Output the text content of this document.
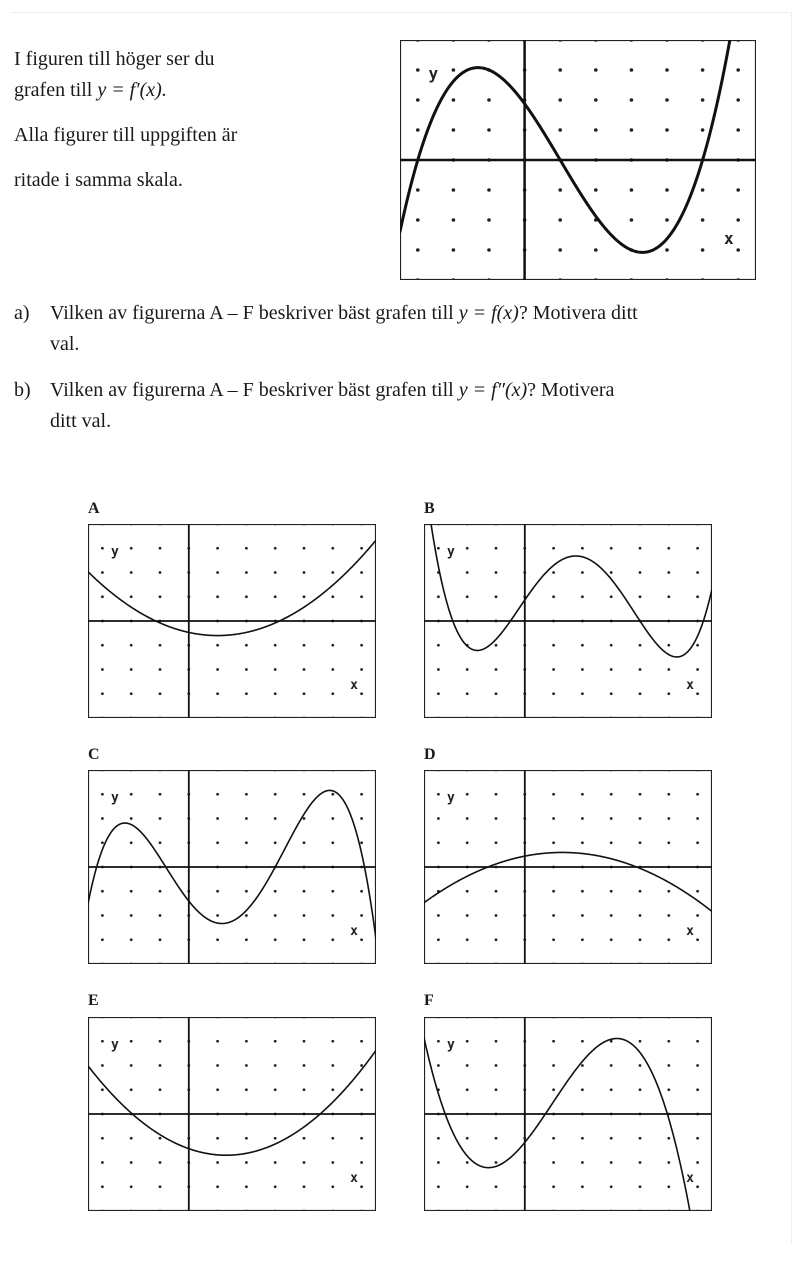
I figuren till höger ser du

grafen till y = f′(x).

Alla figurer till uppgiften är

ritade i samma skala.

a) Vilken av figurerna A – F beskriver bäst grafen till y = f(x)? Motivera ditt
val.
b) Vilken av figurerna A – F beskriver bäst grafen till y = f″(x)? Motivera
ditt val.
y
x
A	B
C	D
E	F
y
x
y
x
y
x
y
x
y
x
y
x
